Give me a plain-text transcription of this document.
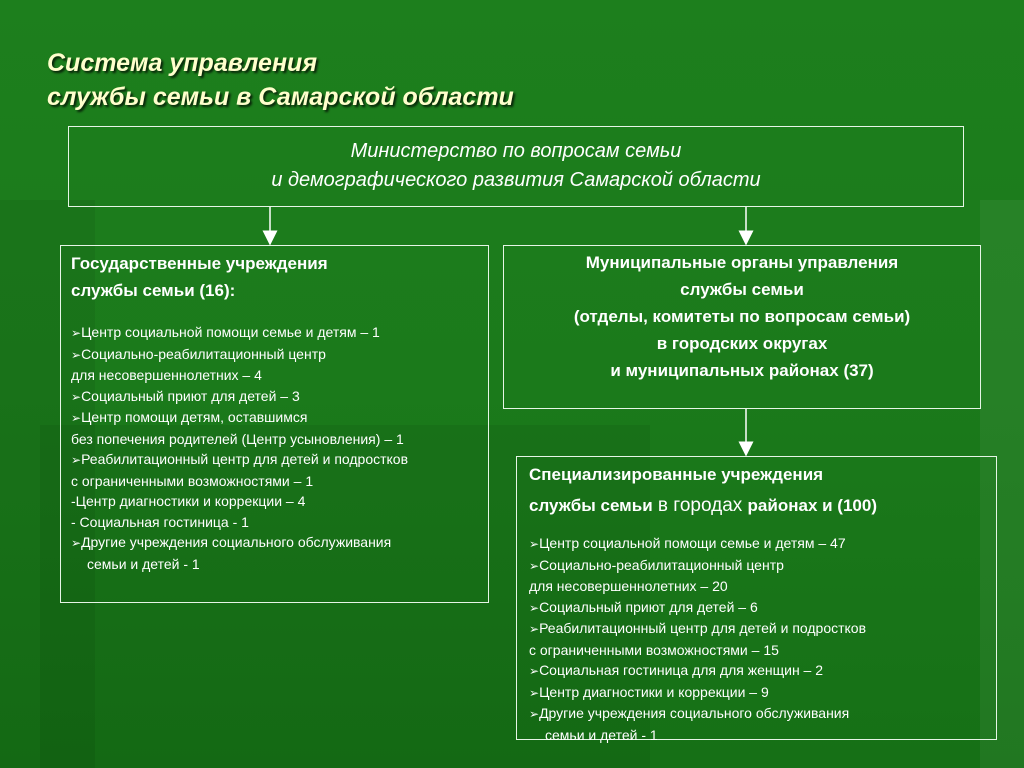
Система управления
службы семьи в Самарской области
Министерство по вопросам семьи
и демографического развития Самарской области
Государственные учреждения
службы семьи (16):
➢Центр социальной помощи семье и детям – 1
➢Социально-реабилитационный центр
для несовершеннолетних – 4
➢Социальный приют для детей – 3
➢Центр помощи детям, оставшимся
без попечения родителей (Центр усыновления) – 1
➢Реабилитационный центр для детей и подростков
с ограниченными возможностями – 1
-Центр диагностики и коррекции – 4
- Социальная гостиница - 1
➢Другие учреждения социального обслуживания
семьи и детей - 1
Муниципальные органы управления
службы семьи
(отделы, комитеты по вопросам семьи)
в городских округах
и муниципальных районах (37)
Специализированные учреждения
службы семьи в городах районах и (100)
➢Центр социальной помощи семье и детям – 47
➢Социально-реабилитационный центр
для несовершеннолетних – 20
➢Социальный приют для детей – 6
➢Реабилитационный центр для детей и подростков
с ограниченными возможностями – 15
➢Социальная гостиница для для женщин – 2
➢Центр диагностики и коррекции – 9
➢Другие учреждения социального обслуживания
семьи и детей - 1
